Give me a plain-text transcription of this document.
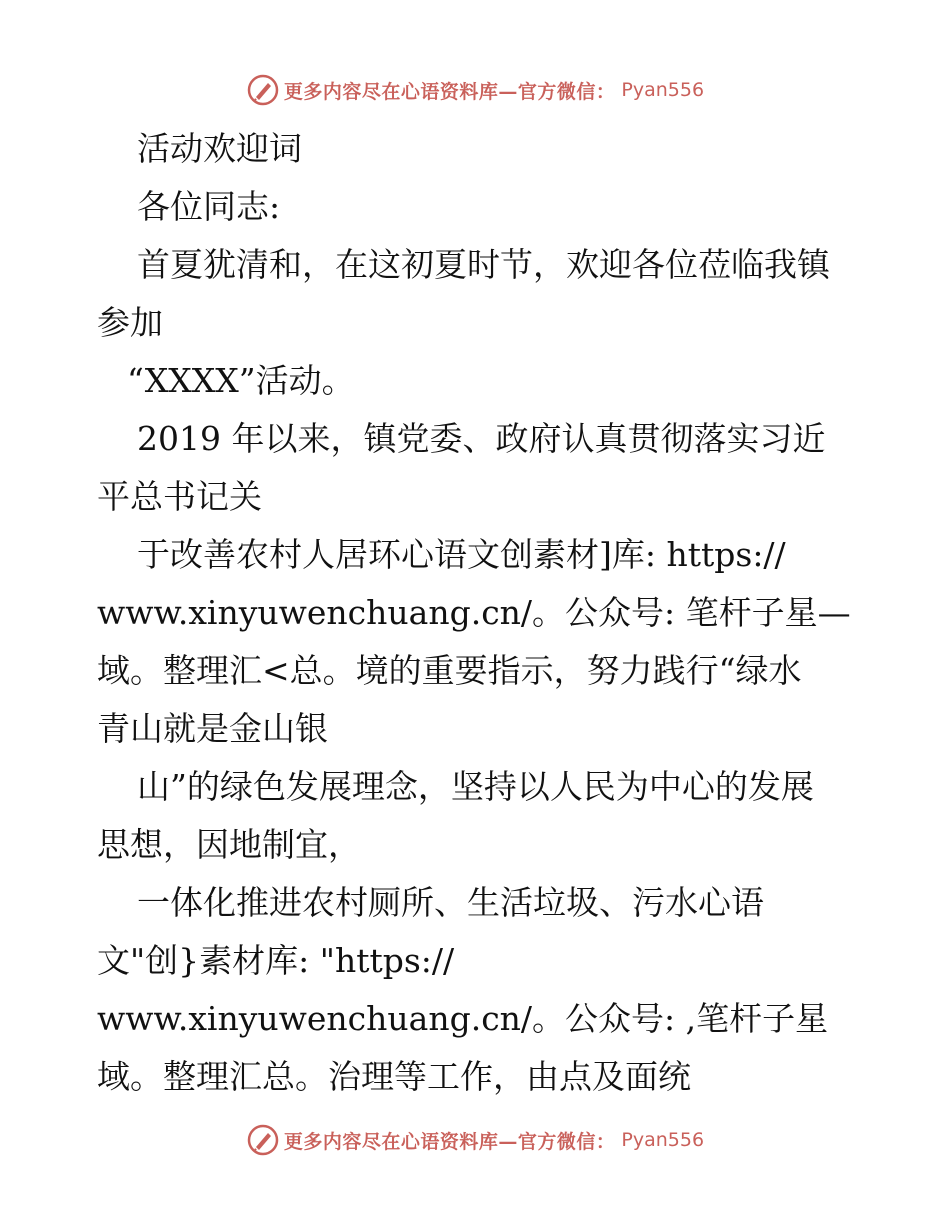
更多内容尽在心语资料库—官方微信： Pyan556
活动欢迎词
各位同志:
首夏犹清和，在这初夏时节，欢迎各位莅临我镇
参加
“XXXX”活动。
2019 年以来，镇党委、政府认真贯彻落实习近
平总书记关
于改善农村人居环心语文创素材]库: https://
www.xinyuwenchuang.cn/。公众号: 笔杆子星—
域。整理汇<总。境的重要指示，努力践行“绿水
青山就是金山银
山”的绿色发展理念，坚持以人民为中心的发展
思想，因地制宜，
一体化推进农村厕所、生活垃圾、污水心语
文"创}素材库: "https://
www.xinyuwenchuang.cn/。公众号: ,笔杆子星
域。整理汇总。治理等工作，由点及面统
更多内容尽在心语资料库—官方微信： Pyan556
